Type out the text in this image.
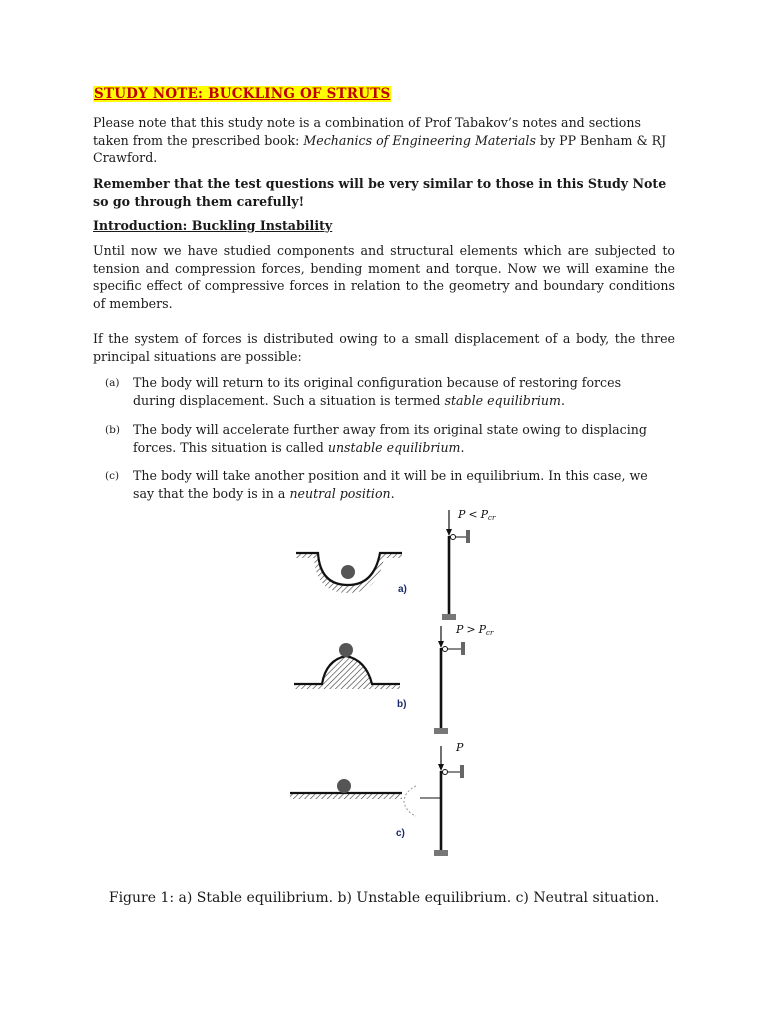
STUDY NOTE: BUCKLING OF STRUTS
Please note that this study note is a combination of Prof Tabakov’s notes and sections taken from the prescribed book: Mechanics of Engineering Materials by PP Benham & RJ Crawford.
Remember that the test questions will be very similar to those in this Study Note so go through them carefully!
Introduction: Buckling Instability
Until now we have studied components and structural elements which are subjected to tension and compression forces, bending moment and torque. Now we will examine the specific effect of compressive forces in relation to the geometry and boundary conditions of members.
If the system of forces is distributed owing to a small displacement of a body, the three principal situations are possible:
(a) The body will return to its original configuration because of restoring forces during displacement. Such a situation is termed stable equilibrium.
(b) The body will accelerate further away from its original state owing to displacing forces. This situation is called unstable equilibrium.
(c) The body will take another position and it will be in equilibrium. In this case, we say that the body is in a neutral position.
a)
b)
c)
P < Pcr
P > Pcr
P
Figure 1: a) Stable equilibrium. b) Unstable equilibrium. c) Neutral situation.
